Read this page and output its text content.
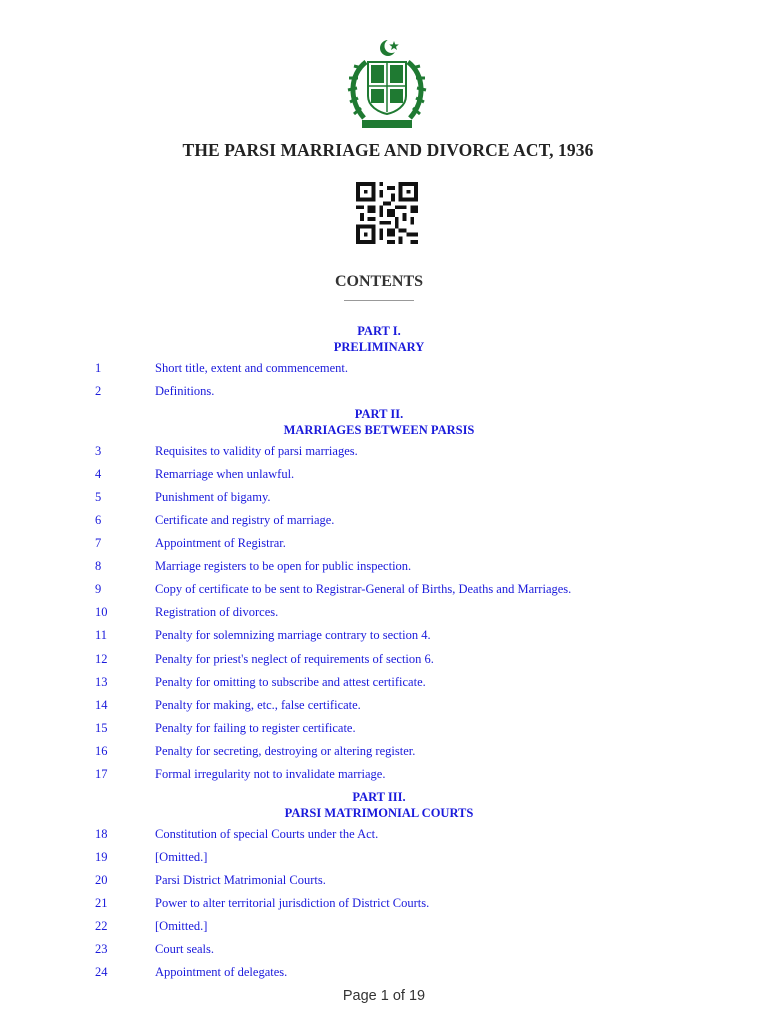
THE PARSI MARRIAGE AND DIVORCE ACT, 1936
CONTENTS
PART I.
PRELIMINARY
1	Short title, extent and commencement.
2	Definitions.
PART II.
MARRIAGES BETWEEN PARSIS
3	Requisites to validity of parsi marriages.
4	Remarriage when unlawful.
5	Punishment of bigamy.
6	Certificate and registry of marriage.
7	Appointment of Registrar.
8	Marriage registers to be open for public inspection.
9	Copy of certificate to be sent to Registrar-General of Births, Deaths and Marriages.
10	Registration of divorces.
11	Penalty for solemnizing marriage contrary to section 4.
12	Penalty for priest's neglect of requirements of section 6.
13	Penalty for omitting to subscribe and attest certificate.
14	Penalty for making, etc., false certificate.
15	Penalty for failing to register certificate.
16	Penalty for secreting, destroying or altering register.
17	Formal irregularity not to invalidate marriage.
PART III.
PARSI MATRIMONIAL COURTS
18	Constitution of special Courts under the Act.
19	[Omitted.]
20	Parsi District Matrimonial Courts.
21	Power to alter territorial jurisdiction of District Courts.
22	[Omitted.]
23	Court seals.
24	Appointment of delegates.
Page 1 of 19
